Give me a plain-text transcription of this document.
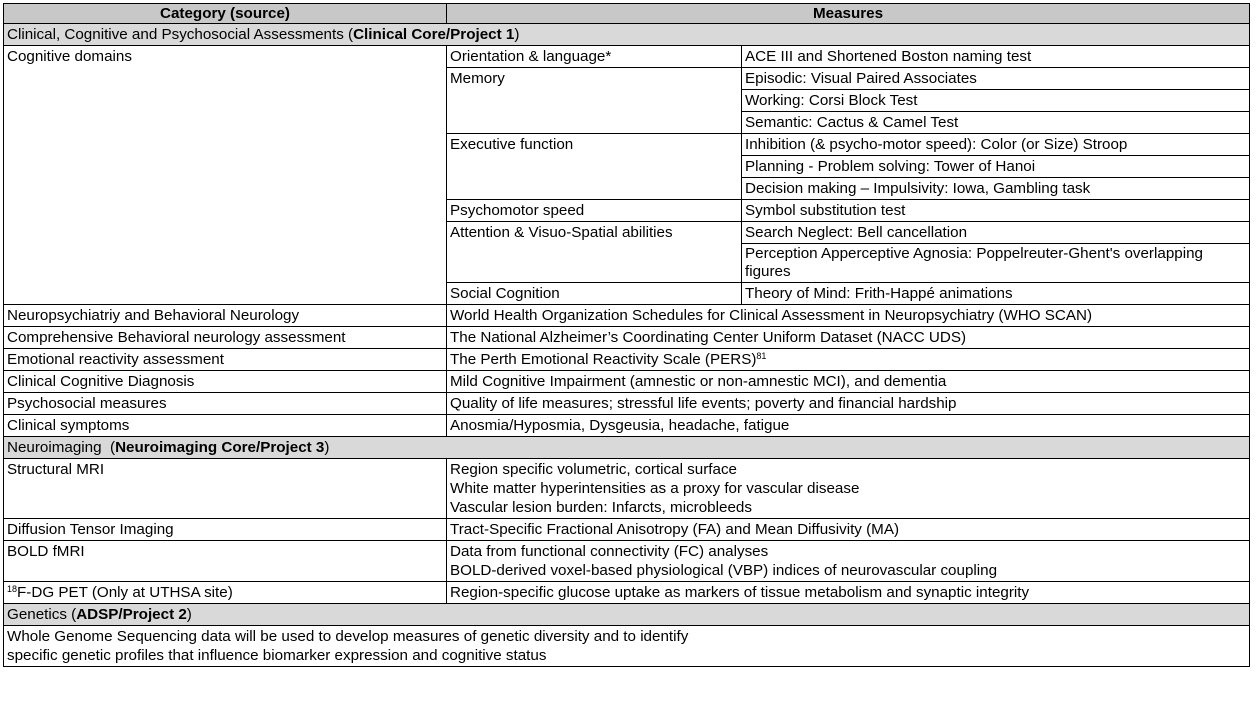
Category (source)	Measures	
Clinical, Cognitive and Psychosocial Assessments (Clinical Core/Project 1)		
Cognitive domains	Orientation & language*	ACE III and Shortened Boston naming test
	Memory	Episodic: Visual Paired Associates
		Working: Corsi Block Test
		Semantic: Cactus & Camel Test
	Executive function	Inhibition (& psycho-motor speed): Color (or Size) Stroop
		Planning - Problem solving: Tower of Hanoi
		Decision making – Impulsivity: Iowa, Gambling task
	Psychomotor speed	Symbol substitution test
	Attention & Visuo-Spatial abilities	Search Neglect: Bell cancellation
		Perception Apperceptive Agnosia: Poppelreuter-Ghent's overlapping figures
	Social Cognition	Theory of Mind: Frith-Happé animations
Neuropsychiatriy and Behavioral Neurology	World Health Organization Schedules for Clinical Assessment in Neuropsychiatry (WHO SCAN)	
Comprehensive Behavioral neurology assessment	The National Alzheimer’s Coordinating Center Uniform Dataset (NACC UDS)	
Emotional reactivity assessment	The Perth Emotional Reactivity Scale (PERS)$^{81}$
Clinical Cognitive Diagnosis	Mild Cognitive Impairment (amnestic or non-amnestic MCI), and dementia	
Psychosocial measures	Quality of life measures; stressful life events; poverty and financial hardship	
Clinical symptoms	Anosmia/Hyposmia, Dysgeusia, headache, fatigue	
Neuroimaging  (Neuroimaging Core/Project 3)		
Structural MRI	Region specific volumetric, cortical surface
White matter hyperintensities as a proxy for vascular disease
Vascular lesion burden: Infarcts, microbleeds	

Diffusion Tensor Imaging	Tract-Specific Fractional Anisotropy (FA) and Mean Diffusivity (MA)	
BOLD fMRI	Data from functional connectivity (FC) analyses
BOLD-derived voxel-based physiological (VBP) indices of neurovascular coupling	

$^{18}$F-DG PET (Only at UTHSA site)	Region-specific glucose uptake as markers of tissue metabolism and synaptic integrity	
Genetics (ADSP/Project 2)		

Whole Genome Sequencing data will be used to develop measures of genetic diversity and to identify
specific genetic profiles that influence biomarker expression and cognitive status		
